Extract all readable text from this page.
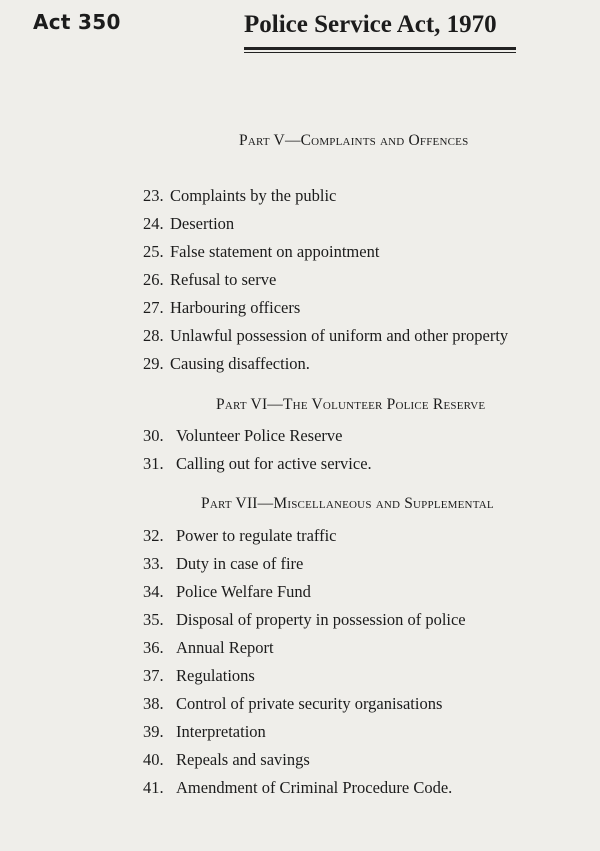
Act 350	Police Service Act, 1970
Part V—Complaints and Offences
23. Complaints by the public
24. Desertion
25. False statement on appointment
26. Refusal to serve
27. Harbouring officers
28. Unlawful possession of uniform and other property
29. Causing disaffection.
Part VI—The Volunteer Police Reserve
30. Volunteer Police Reserve
31. Calling out for active service.
Part VII—Miscellaneous and Supplemental
32. Power to regulate traffic
33. Duty in case of fire
34. Police Welfare Fund
35. Disposal of property in possession of police
36. Annual Report
37. Regulations
38. Control of private security organisations
39. Interpretation
40. Repeals and savings
41. Amendment of Criminal Procedure Code.
